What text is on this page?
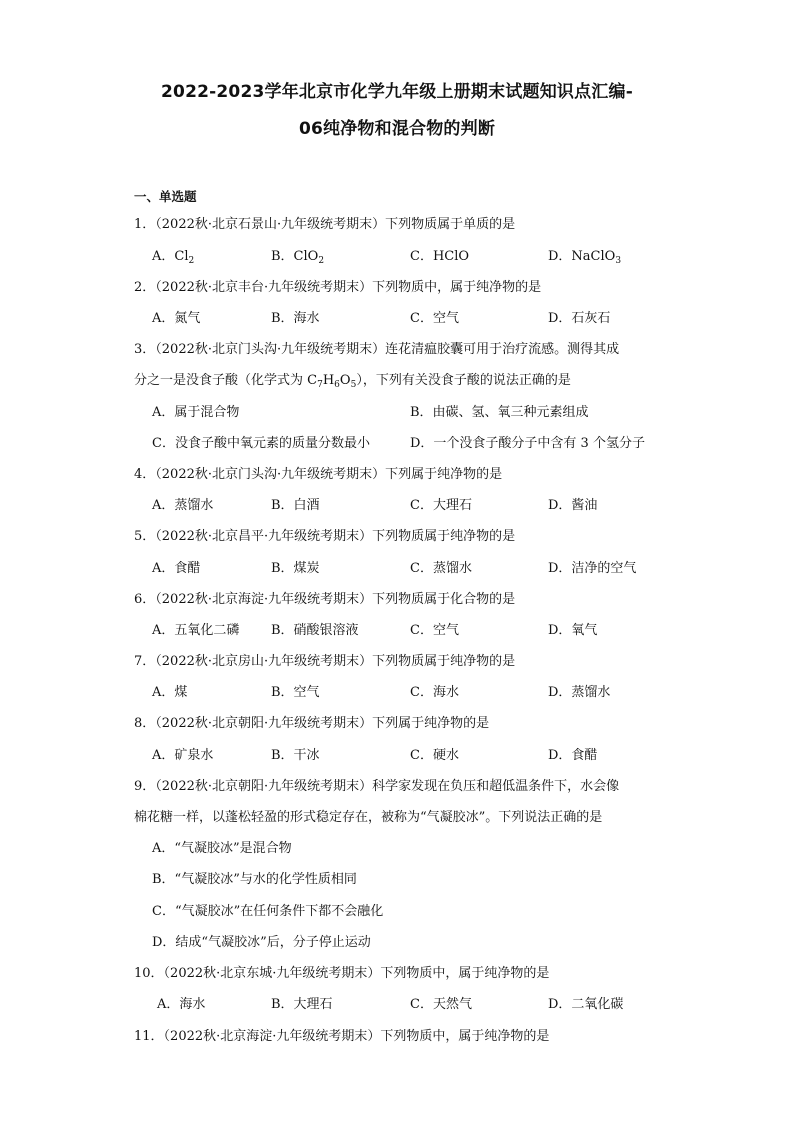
2022-2023学年北京市化学九年级上册期末试题知识点汇编-
06纯净物和混合物的判断
一、单选题
1．（2022秋·北京石景山·九年级统考期末）下列物质属于单质的是
A．$Cl_2$	B．ClO$_2$	C．HClO	D．NaClO$_3$
2．（2022秋·北京丰台·九年级统考期末）下列物质中，属于纯净物的是
A．氮气	B．海水	C．空气	D．石灰石
3．（2022秋·北京门头沟·九年级统考期末）连花清瘟胶囊可用于治疗流感。测得其成
分之一是没食子酸（化学式为 $C_7H_6O_5$），下列有关没食子酸的说法正确的是
A．属于混合物	B．由碳、氢、氧三种元素组成
C．没食子酸中氧元素的质量分数最小	D．一个没食子酸分子中含有 3 个氢分子
4．（2022秋·北京门头沟·九年级统考期末）下列属于纯净物的是
A．蒸馏水	B．白酒	C．大理石	D．酱油
5．（2022秋·北京昌平·九年级统考期末）下列物质属于纯净物的是
A．食醋	B．煤炭	C．蒸馏水	D．洁净的空气
6．（2022秋·北京海淀·九年级统考期末）下列物质属于化合物的是
A．五氧化二磷 B．硝酸银溶液	C．空气	D．氧气
7．（2022秋·北京房山·九年级统考期末）下列物质属于纯净物的是
A．煤	B．空气	C．海水	D．蒸馏水
8．（2022秋·北京朝阳·九年级统考期末）下列属于纯净物的是
A．矿泉水	B．干冰	C．硬水	D．食醋
9．（2022秋·北京朝阳·九年级统考期末）科学家发现在负压和超低温条件下，水会像
棉花糖一样，以蓬松轻盈的形式稳定存在，被称为“气凝胶冰”。下列说法正确的是
A．“气凝胶冰”是混合物
B．“气凝胶冰”与水的化学性质相同
C．“气凝胶冰”在任何条件下都不会融化
D．结成“气凝胶冰”后，分子停止运动
10．（2022秋·北京东城·九年级统考期末）下列物质中，属于纯净物的是
A．海水	B．大理石	C．天然气	D．二氧化碳
11．（2022秋·北京海淀·九年级统考期末）下列物质中，属于纯净物的是
